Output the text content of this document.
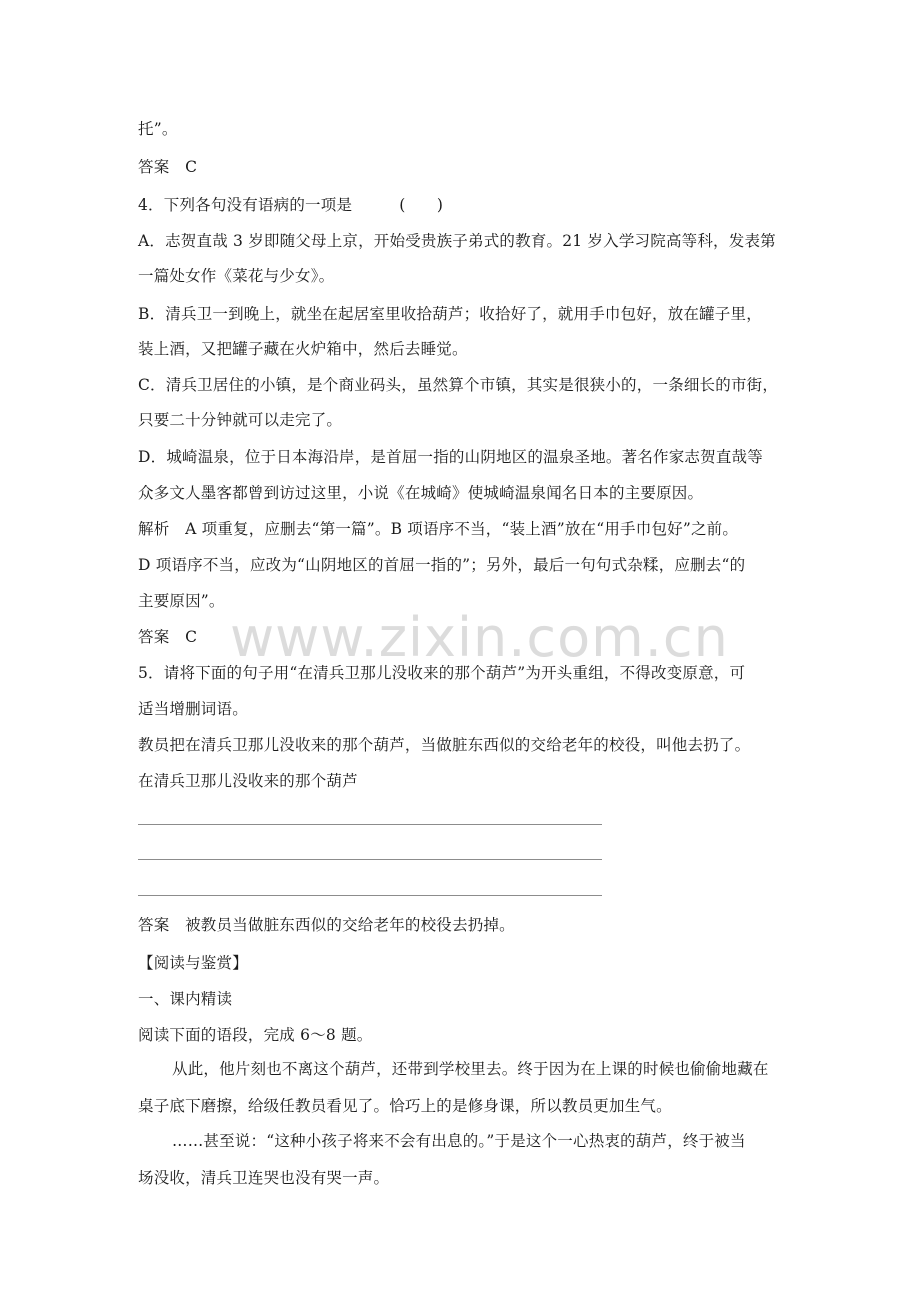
托”。
答案　C
4．下列各句没有语病的一项是　　　(　　)
A．志贺直哉 3 岁即随父母上京，开始受贵族子弟式的教育。21 岁入学习院高等科，发表第
一篇处女作《菜花与少女》。
B．清兵卫一到晚上，就坐在起居室里收拾葫芦；收拾好了，就用手巾包好，放在罐子里，
装上酒，又把罐子藏在火炉箱中，然后去睡觉。
C．清兵卫居住的小镇，是个商业码头，虽然算个市镇，其实是很狭小的，一条细长的市街，
只要二十分钟就可以走完了。
D．城崎温泉，位于日本海沿岸，是首屈一指的山阴地区的温泉圣地。著名作家志贺直哉等
众多文人墨客都曾到访过这里，小说《在城崎》使城崎温泉闻名日本的主要原因。
解析　A 项重复，应删去“第一篇”。B 项语序不当，“装上酒”放在“用手巾包好”之前。
D 项语序不当，应改为“山阴地区的首屈一指的”；另外，最后一句句式杂糅，应删去“的
主要原因”。
答案　C
5．请将下面的句子用“在清兵卫那儿没收来的那个葫芦”为开头重组，不得改变原意，可
适当增删词语。
教员把在清兵卫那儿没收来的那个葫芦，当做脏东西似的交给老年的校役，叫他去扔了。
在清兵卫那儿没收来的那个葫芦
答案　被教员当做脏东西似的交给老年的校役去扔掉。
【阅读与鉴赏】
一、课内精读
阅读下面的语段，完成 6～8 题。
从此，他片刻也不离这个葫芦，还带到学校里去。终于因为在上课的时候也偷偷地藏在
桌子底下磨擦，给级任教员看见了。恰巧上的是修身课，所以教员更加生气。
……甚至说：“这种小孩子将来不会有出息的。”于是这个一心热衷的葫芦，终于被当
场没收，清兵卫连哭也没有哭一声。
www.zixin.com.cn
